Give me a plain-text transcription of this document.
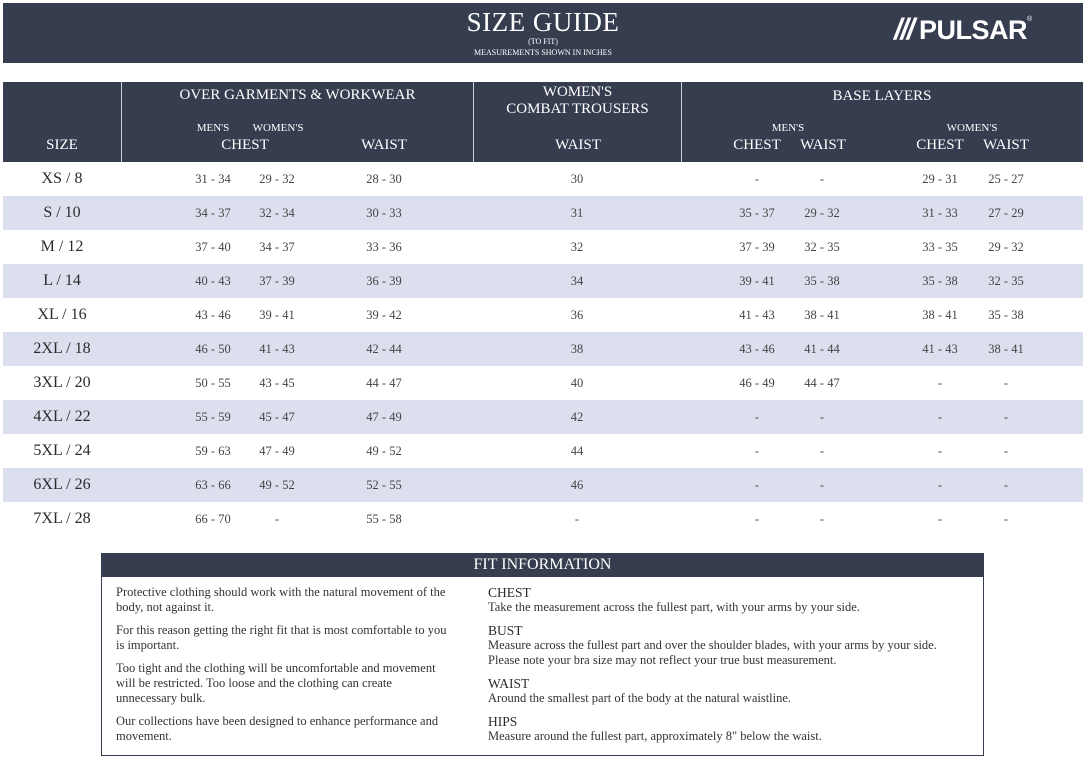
SIZE GUIDE
(TO FIT)
MEASUREMENTS SHOWN IN INCHES
/// PULSAR ®
SIZE
OVER GARMENTS & WORKWEAR
MEN'S	WOMEN'S
CHEST	WAIST
WOMEN'S
COMBAT TROUSERS
WAIST
BASE LAYERS
MEN'S
CHEST	WAIST
WOMEN'S
CHEST	WAIST
XS / 8	31 - 34	29 - 32	28 - 30	30	-	-	29 - 31	25 - 27
S / 10	34 - 37	32 - 34	30 - 33	31	35 - 37	29 - 32	31 - 33	27 - 29
M / 12	37 - 40	34 - 37	33 - 36	32	37 - 39	32 - 35	33 - 35	29 - 32
L / 14	40 - 43	37 - 39	36 - 39	34	39 - 41	35 - 38	35 - 38	32 - 35
XL / 16	43 - 46	39 - 41	39 - 42	36	41 - 43	38 - 41	38 - 41	35 - 38
2XL / 18	46 - 50	41 - 43	42 - 44	38	43 - 46	41 - 44	41 - 43	38 - 41
3XL / 20	50 - 55	43 - 45	44 - 47	40	46 - 49	44 - 47	-	-
4XL / 22	55 - 59	45 - 47	47 - 49	42	-	-	-	-
5XL / 24	59 - 63	47 - 49	49 - 52	44	-	-	-	-
6XL / 26	63 - 66	49 - 52	52 - 55	46	-	-	-	-
7XL / 28	66 - 70	-	55 - 58	-	-	-	-	-
FIT INFORMATION

Protective clothing should work with the natural movement of the body, not against it.

For this reason getting the right fit that is most comfortable to you is important.

Too tight and the clothing will be uncomfortable and movement will be restricted. Too loose and the clothing can create unnecessary bulk.

Our collections have been designed to enhance performance and movement.

CHEST
Take the measurement across the fullest part, with your arms by your side.
BUST
Measure across the fullest part and over the shoulder blades, with your arms by your side.
Please note your bra size may not reflect your true bust measurement.
WAIST
Around the smallest part of the body at the natural waistline.
HIPS
Measure around the fullest part, approximately 8" below the waist.
